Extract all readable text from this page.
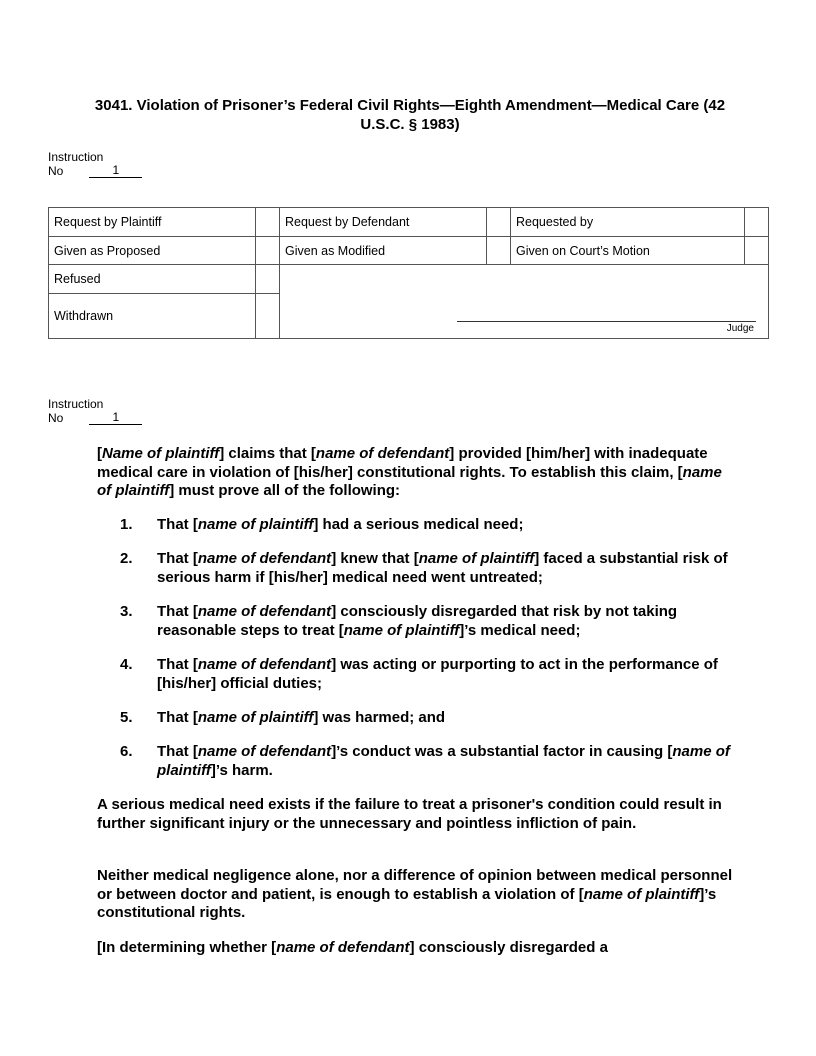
3041. Violation of Prisoner’s Federal Civil Rights—Eighth Amendment—Medical Care (42 U.S.C. § 1983)
Instruction
No	1
Request by Plaintiff		Request by Defendant		Requested by	
Given as Proposed		Given as Modified		Given on Court’s Motion	
Refused		Judge			

Withdrawn					
Instruction
No	1

[Name of plaintiff] claims that [name of defendant] provided [him/her] with inadequate medical care in violation of [his/her] constitutional rights. To establish this claim, [name of plaintiff] must prove all of the following:

1. That [name of plaintiff] had a serious medical need;
2. That [name of defendant] knew that [name of plaintiff] faced a substantial risk of serious harm if [his/her] medical need went untreated;
3. That [name of defendant] consciously disregarded that risk by not taking reasonable steps to treat [name of plaintiff]’s medical need;
4. That [name of defendant] was acting or purporting to act in the performance of [his/her] official duties;
5. That [name of plaintiff] was harmed; and
6. That [name of defendant]’s conduct was a substantial factor in causing [name of plaintiff]’s harm.
A serious medical need exists if the failure to treat a prisoner's condition could result in further significant injury or the unnecessary and pointless infliction of pain.

Neither medical negligence alone, nor a difference of opinion between medical personnel or between doctor and patient, is enough to establish a violation of [name of plaintiff]’s constitutional rights.

[In determining whether [name of defendant] consciously disregarded a
